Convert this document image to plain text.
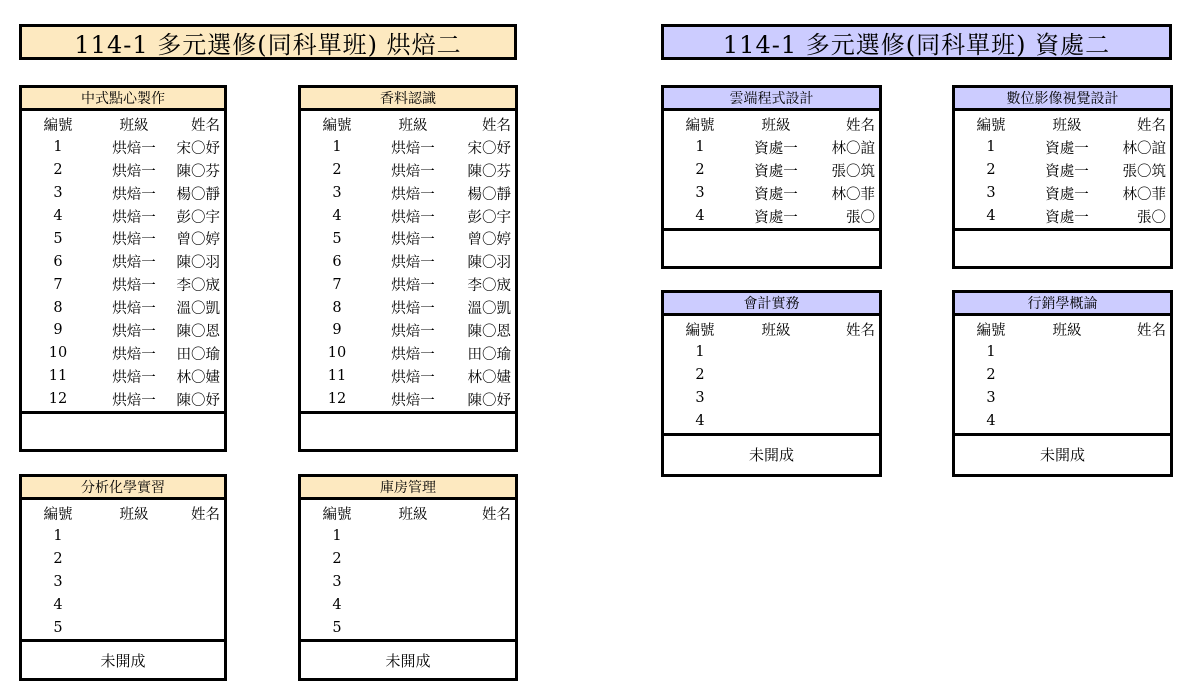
114-1 多元選修(同科單班) 烘焙二	114-1 多元選修(同科單班) 資處二
中式點心製作
編號	班級	姓名
1	烘焙一	宋〇妤
2	烘焙一	陳〇芬
3	烘焙一	楊〇靜
4	烘焙一	彭〇宇
5	烘焙一	曾〇婷
6	烘焙一	陳〇羽
7	烘焙一	李〇宬
8	烘焙一	溫〇凱
9	烘焙一	陳〇恩
10	烘焙一	田〇瑜
11	烘焙一	林〇嫿
12	烘焙一	陳〇妤
香料認識
編號	班級	姓名
1	烘焙一	宋〇妤
2	烘焙一	陳〇芬
3	烘焙一	楊〇靜
4	烘焙一	彭〇宇
5	烘焙一	曾〇婷
6	烘焙一	陳〇羽
7	烘焙一	李〇宬
8	烘焙一	溫〇凱
9	烘焙一	陳〇恩
10	烘焙一	田〇瑜
11	烘焙一	林〇嫿
12	烘焙一	陳〇妤
分析化學實習
編號	班級	姓名
1
2
3
4
5
未開成
庫房管理
編號	班級	姓名
1
2
3
4
5
未開成
雲端程式設計
編號	班級	姓名
1	資處一	林〇誼
2	資處一	張〇筑
3	資處一	林〇菲
4	資處一	張〇
數位影像視覺設計
編號	班級	姓名
1	資處一	林〇誼
2	資處一	張〇筑
3	資處一	林〇菲
4	資處一	張〇
會計實務
編號	班級	姓名
1
2
3
4
未開成
行銷學概論
編號	班級	姓名
1
2
3
4
未開成
